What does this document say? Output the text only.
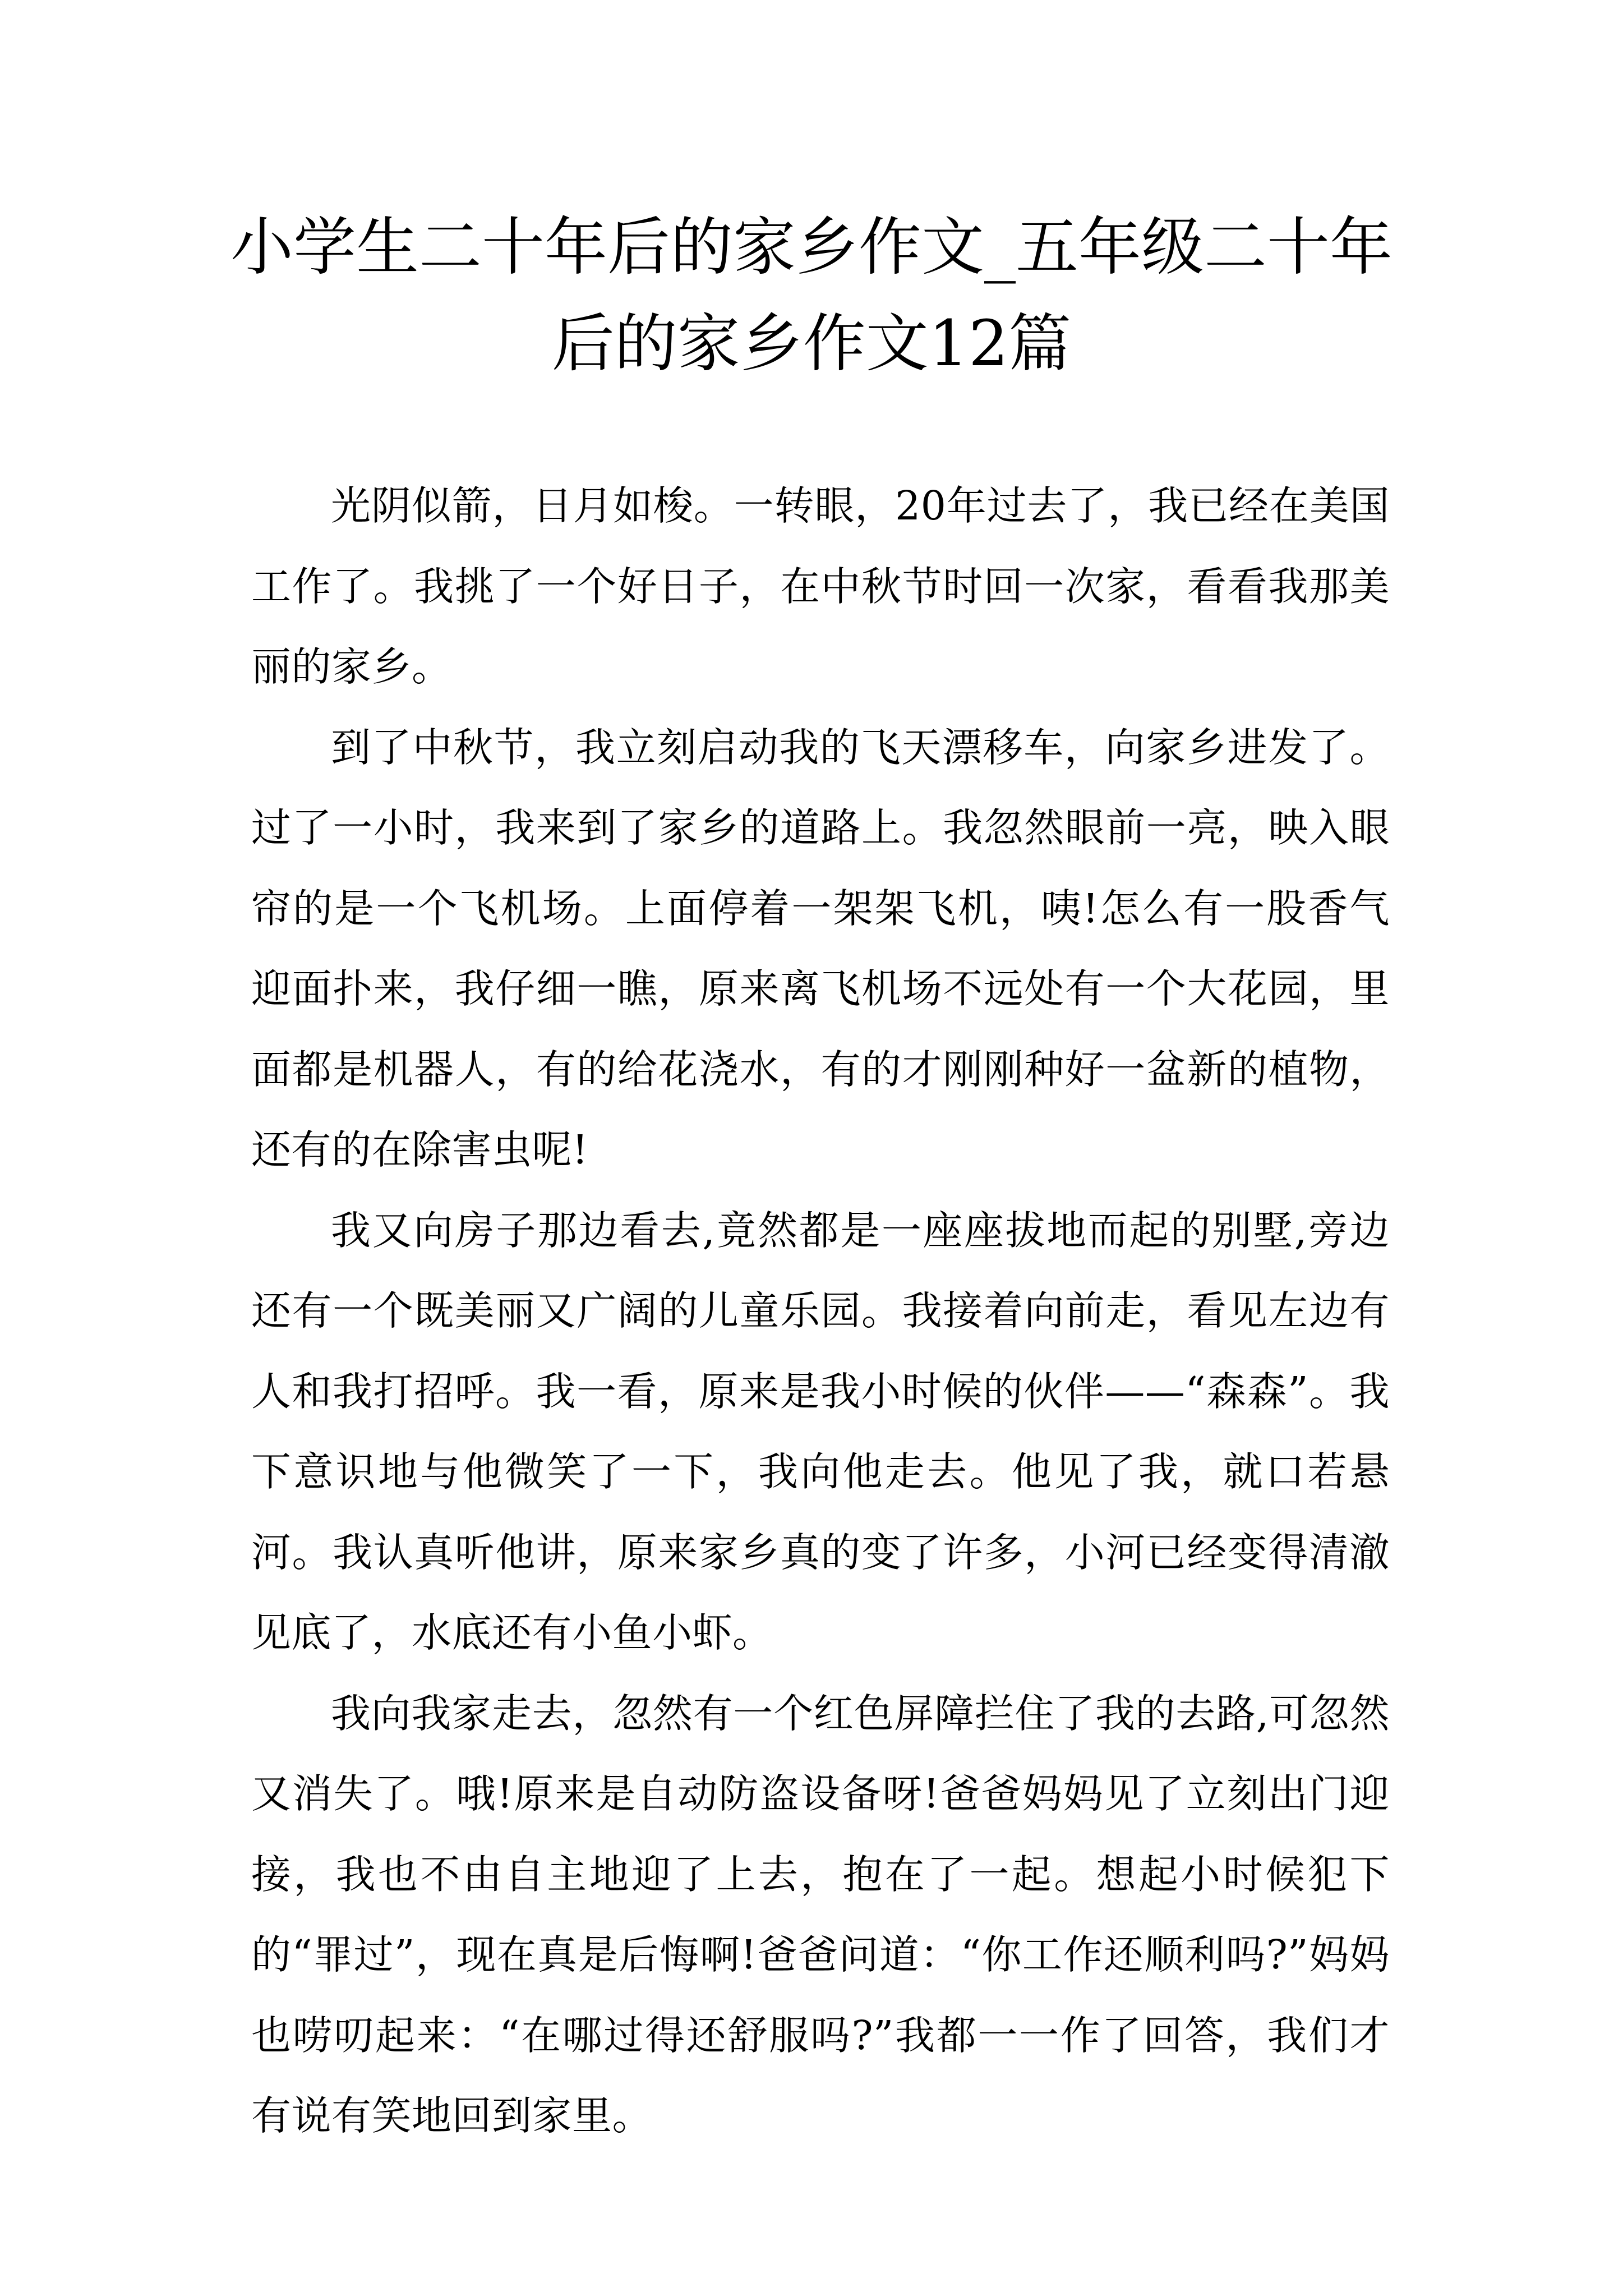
小学生二十年后的家乡作文_五年级二十年后的家乡作文12篇

光阴似箭，日月如梭。一转眼，20年过去了，我已经在美国工作了。我挑了一个好日子，在中秋节时回一次家，看看我那美丽的家乡。

到了中秋节，我立刻启动我的飞天漂移车，向家乡进发了。过了一小时，我来到了家乡的道路上。我忽然眼前一亮，映入眼帘的是一个飞机场。上面停着一架架飞机，咦!怎么有一股香气迎面扑来，我仔细一瞧，原来离飞机场不远处有一个大花园，里面都是机器人，有的给花浇水，有的才刚刚种好一盆新的植物，还有的在除害虫呢!

我又向房子那边看去,竟然都是一座座拔地而起的别墅,旁边还有一个既美丽又广阔的儿童乐园。我接着向前走，看见左边有人和我打招呼。我一看，原来是我小时候的伙伴——“森森”。我下意识地与他微笑了一下，我向他走去。他见了我，就口若悬河。我认真听他讲，原来家乡真的变了许多，小河已经变得清澈见底了，水底还有小鱼小虾。

我向我家走去，忽然有一个红色屏障拦住了我的去路,可忽然又消失了。哦!原来是自动防盗设备呀!爸爸妈妈见了立刻出门迎接，我也不由自主地迎了上去，抱在了一起。想起小时候犯下的“罪过”，现在真是后悔啊!爸爸问道：“你工作还顺利吗?”妈妈也唠叨起来：“在哪过得还舒服吗?”我都一一作了回答，我们才有说有笑地回到家里。
